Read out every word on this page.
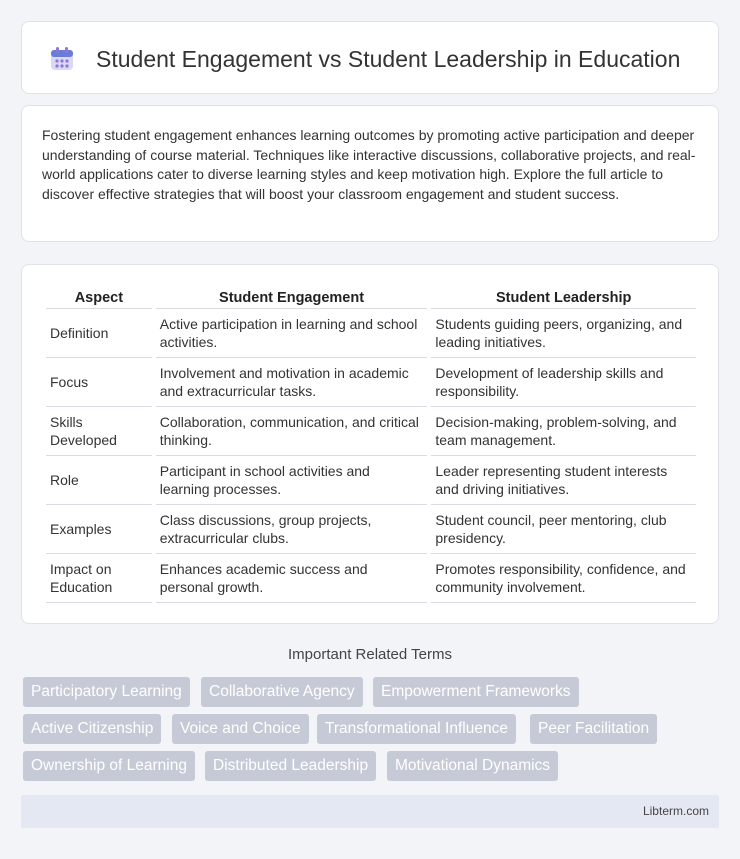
Student Engagement vs Student Leadership in Education

Fostering student engagement enhances learning outcomes by promoting active participation and deeper understanding of course material. Techniques like interactive discussions, collaborative projects, and real-world applications cater to diverse learning styles and keep motivation high. Explore the full article to discover effective strategies that will boost your classroom engagement and student success.

Aspect	Student Engagement	Student Leadership
Definition	Active participation in learning and school activities.	Students guiding peers, organizing, and leading initiatives.
Focus	Involvement and motivation in academic and extracurricular tasks.	Development of leadership skills and responsibility.
Skills Developed	Collaboration, communication, and critical thinking.	Decision-making, problem-solving, and team management.
Role	Participant in school activities and learning processes.	Leader representing student interests and driving initiatives.
Examples	Class discussions, group projects, extracurricular clubs.	Student council, peer mentoring, club presidency.
Impact on Education	Enhances academic success and personal growth.	Promotes responsibility, confidence, and community involvement.
Important Related Terms
Participatory Learning	Collaborative Agency	Empowerment Frameworks
Active Citizenship	Voice and Choice	Transformational Influence	Peer Facilitation
Ownership of Learning	Distributed Leadership	Motivational Dynamics
Libterm.com
